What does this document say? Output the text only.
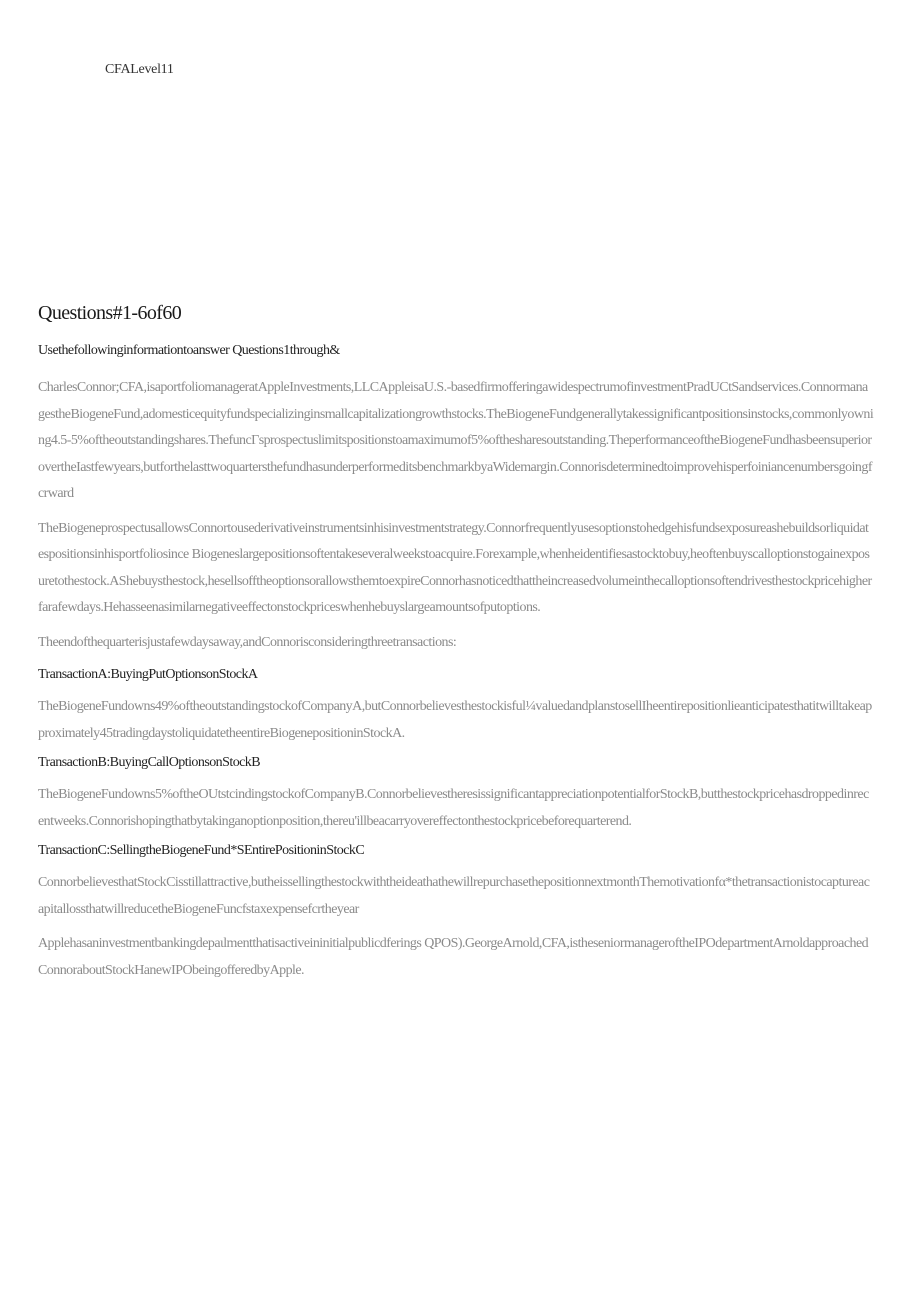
CFALevel11
Questions#1-6of60
Usethefollowinginformationtoanswer Questions1through&

CharlesConnor;CFA,isaportfoliomanageratAppleInvestments,LLCAppleisaU.S.-basedfirmofferingawidespectrumofinvestmentPradUCtSandservices.ConnormanagestheBiogeneFund,adomesticequityfundspecializinginsmallcapitalizationgrowthstocks.TheBiogeneFundgenerallytakessignificantpositionsinstocks,commonlyowning4.5-5%oftheoutstandingshares.ThefuncΓsprospectuslimitspositionstoamaximumof5%ofthesharesoutstanding.TheperformanceoftheBiogeneFundhasbeensuperiorovertheIastfewyears,butforthelasttwoquartersthefundhasunderperformeditsbenchmarkbyaWidemargin.Connorisdeterminedtoimprovehisperfoiniancenumbersgoingfcrward

TheBiogeneprospectusallowsConnortousederivativeinstrumentsinhisinvestmentstrategy.Connorfrequentlyusesoptionstohedgehisfundsexposureashebuildsorliquidatespositionsinhisportfoliosince Biogeneslargepositionsoftentakeseveralweekstoacquire.Forexample,whenheidentifiesastocktobuy,heoftenbuyscalloptionstogainexposuretothestock.AShebuysthestock,hesellsofftheoptionsorallowsthemtoexpireConnorhasnoticedthattheincreasedvolumeinthecalloptionsoftendrivesthestockpricehigherfarafewdays.Hehasseenasimilarnegativeeffectonstockpriceswhenhebuyslargeamountsofputoptions.

Theendofthequarterisjustafewdaysaway,andConnorisconsideringthreetransactions:

TransactionA:BuyingPutOptionsonStockA

TheBiogeneFundowns49%oftheoutstandingstockofCompanyA,butConnorbelievesthestockisful¼valuedandplanstosellIheentirepositionlieanticipatesthatitwilltakeapproximately45tradingdaystoliquidatetheentireBiogenepositioninStockA.

TransactionB:BuyingCallOptionsonStockB

TheBiogeneFundowns5%oftheOUtstcindingstockofCompanyB.ConnorbelievestheresissignificantappreciationpotentialforStockB,butthestockpricehasdroppedinrecentweeks.Connorishopingthatbytakinganoptionposition,thereu'illbeacarryovereffectonthestockpricebeforequarterend.

TransactionC:SellingtheBiogeneFund*SEntirePositioninStockC

ConnorbelievesthatStockCisstillattractive,butheissellingthestockwiththeideathathewillrepurchasethepositionnextmonthThemotivationfα*thetransactionistocaptureacapitallossthatwillreducetheBiogeneFuncfstaxexpensefcrtheyear

Applehasaninvestmentbankingdepaιlmentthatisactiveininitialpublicdferings QPOS).GeorgeArnold,CFA,istheseniormanageroftheIPOdepartmentArnoldapproachedConnoraboutStockHanewIPObeingofferedbyApple.
